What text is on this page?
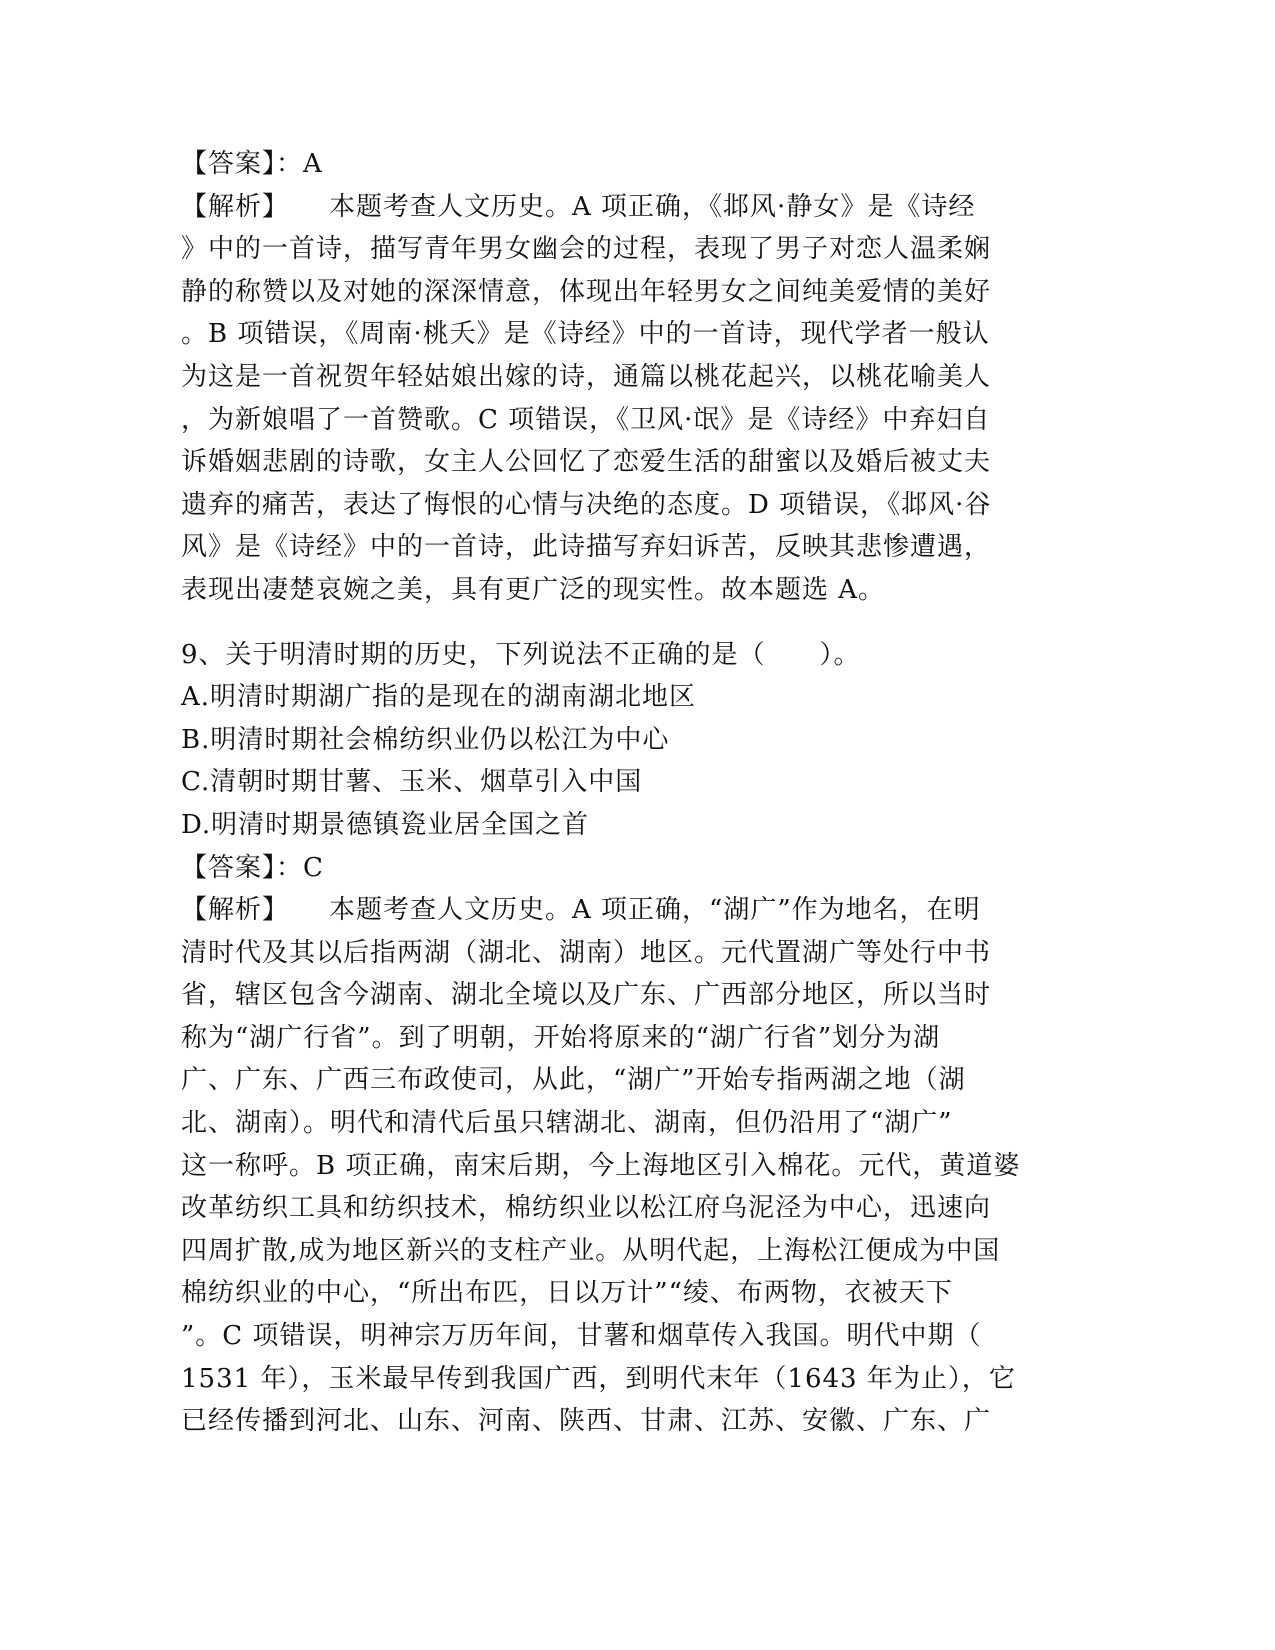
【答案】：A
【解析】 本题考查人文历史。A 项正确，《邶风·静女》是《诗经
》中的一首诗，描写青年男女幽会的过程，表现了男子对恋人温柔娴
静的称赞以及对她的深深情意，体现出年轻男女之间纯美爱情的美好
。B 项错误，《周南·桃夭》是《诗经》中的一首诗，现代学者一般认
为这是一首祝贺年轻姑娘出嫁的诗，通篇以桃花起兴，以桃花喻美人
，为新娘唱了一首赞歌。C 项错误，《卫风·氓》是《诗经》中弃妇自
诉婚姻悲剧的诗歌，女主人公回忆了恋爱生活的甜蜜以及婚后被丈夫
遗弃的痛苦，表达了悔恨的心情与决绝的态度。D 项错误，《邶风·谷
风》是《诗经》中的一首诗，此诗描写弃妇诉苦，反映其悲惨遭遇，
表现出凄楚哀婉之美，具有更广泛的现实性。故本题选 A。
9、关于明清时期的历史，下列说法不正确的是（　　）。
A.明清时期湖广指的是现在的湖南湖北地区
B.明清时期社会棉纺织业仍以松江为中心
C.清朝时期甘薯、玉米、烟草引入中国
D.明清时期景德镇瓷业居全国之首
【答案】：C
【解析】 本题考查人文历史。A 项正确，“湖广”作为地名，在明
清时代及其以后指两湖（湖北、湖南）地区。元代置湖广等处行中书
省，辖区包含今湖南、湖北全境以及广东、广西部分地区，所以当时
称为“湖广行省”。到了明朝，开始将原来的“湖广行省”划分为湖
广、广东、广西三布政使司，从此，“湖广”开始专指两湖之地（湖
北、湖南）。明代和清代后虽只辖湖北、湖南，但仍沿用了“湖广”
这一称呼。B 项正确，南宋后期，今上海地区引入棉花。元代，黄道婆
改革纺织工具和纺织技术，棉纺织业以松江府乌泥泾为中心，迅速向
四周扩散,成为地区新兴的支柱产业。从明代起，上海松江便成为中国
棉纺织业的中心，“所出布匹，日以万计”“绫、布两物，衣被天下
”。C 项错误，明神宗万历年间，甘薯和烟草传入我国。明代中期（
1531 年），玉米最早传到我国广西，到明代末年（1643 年为止），它
已经传播到河北、山东、河南、陕西、甘肃、江苏、安徽、广东、广
